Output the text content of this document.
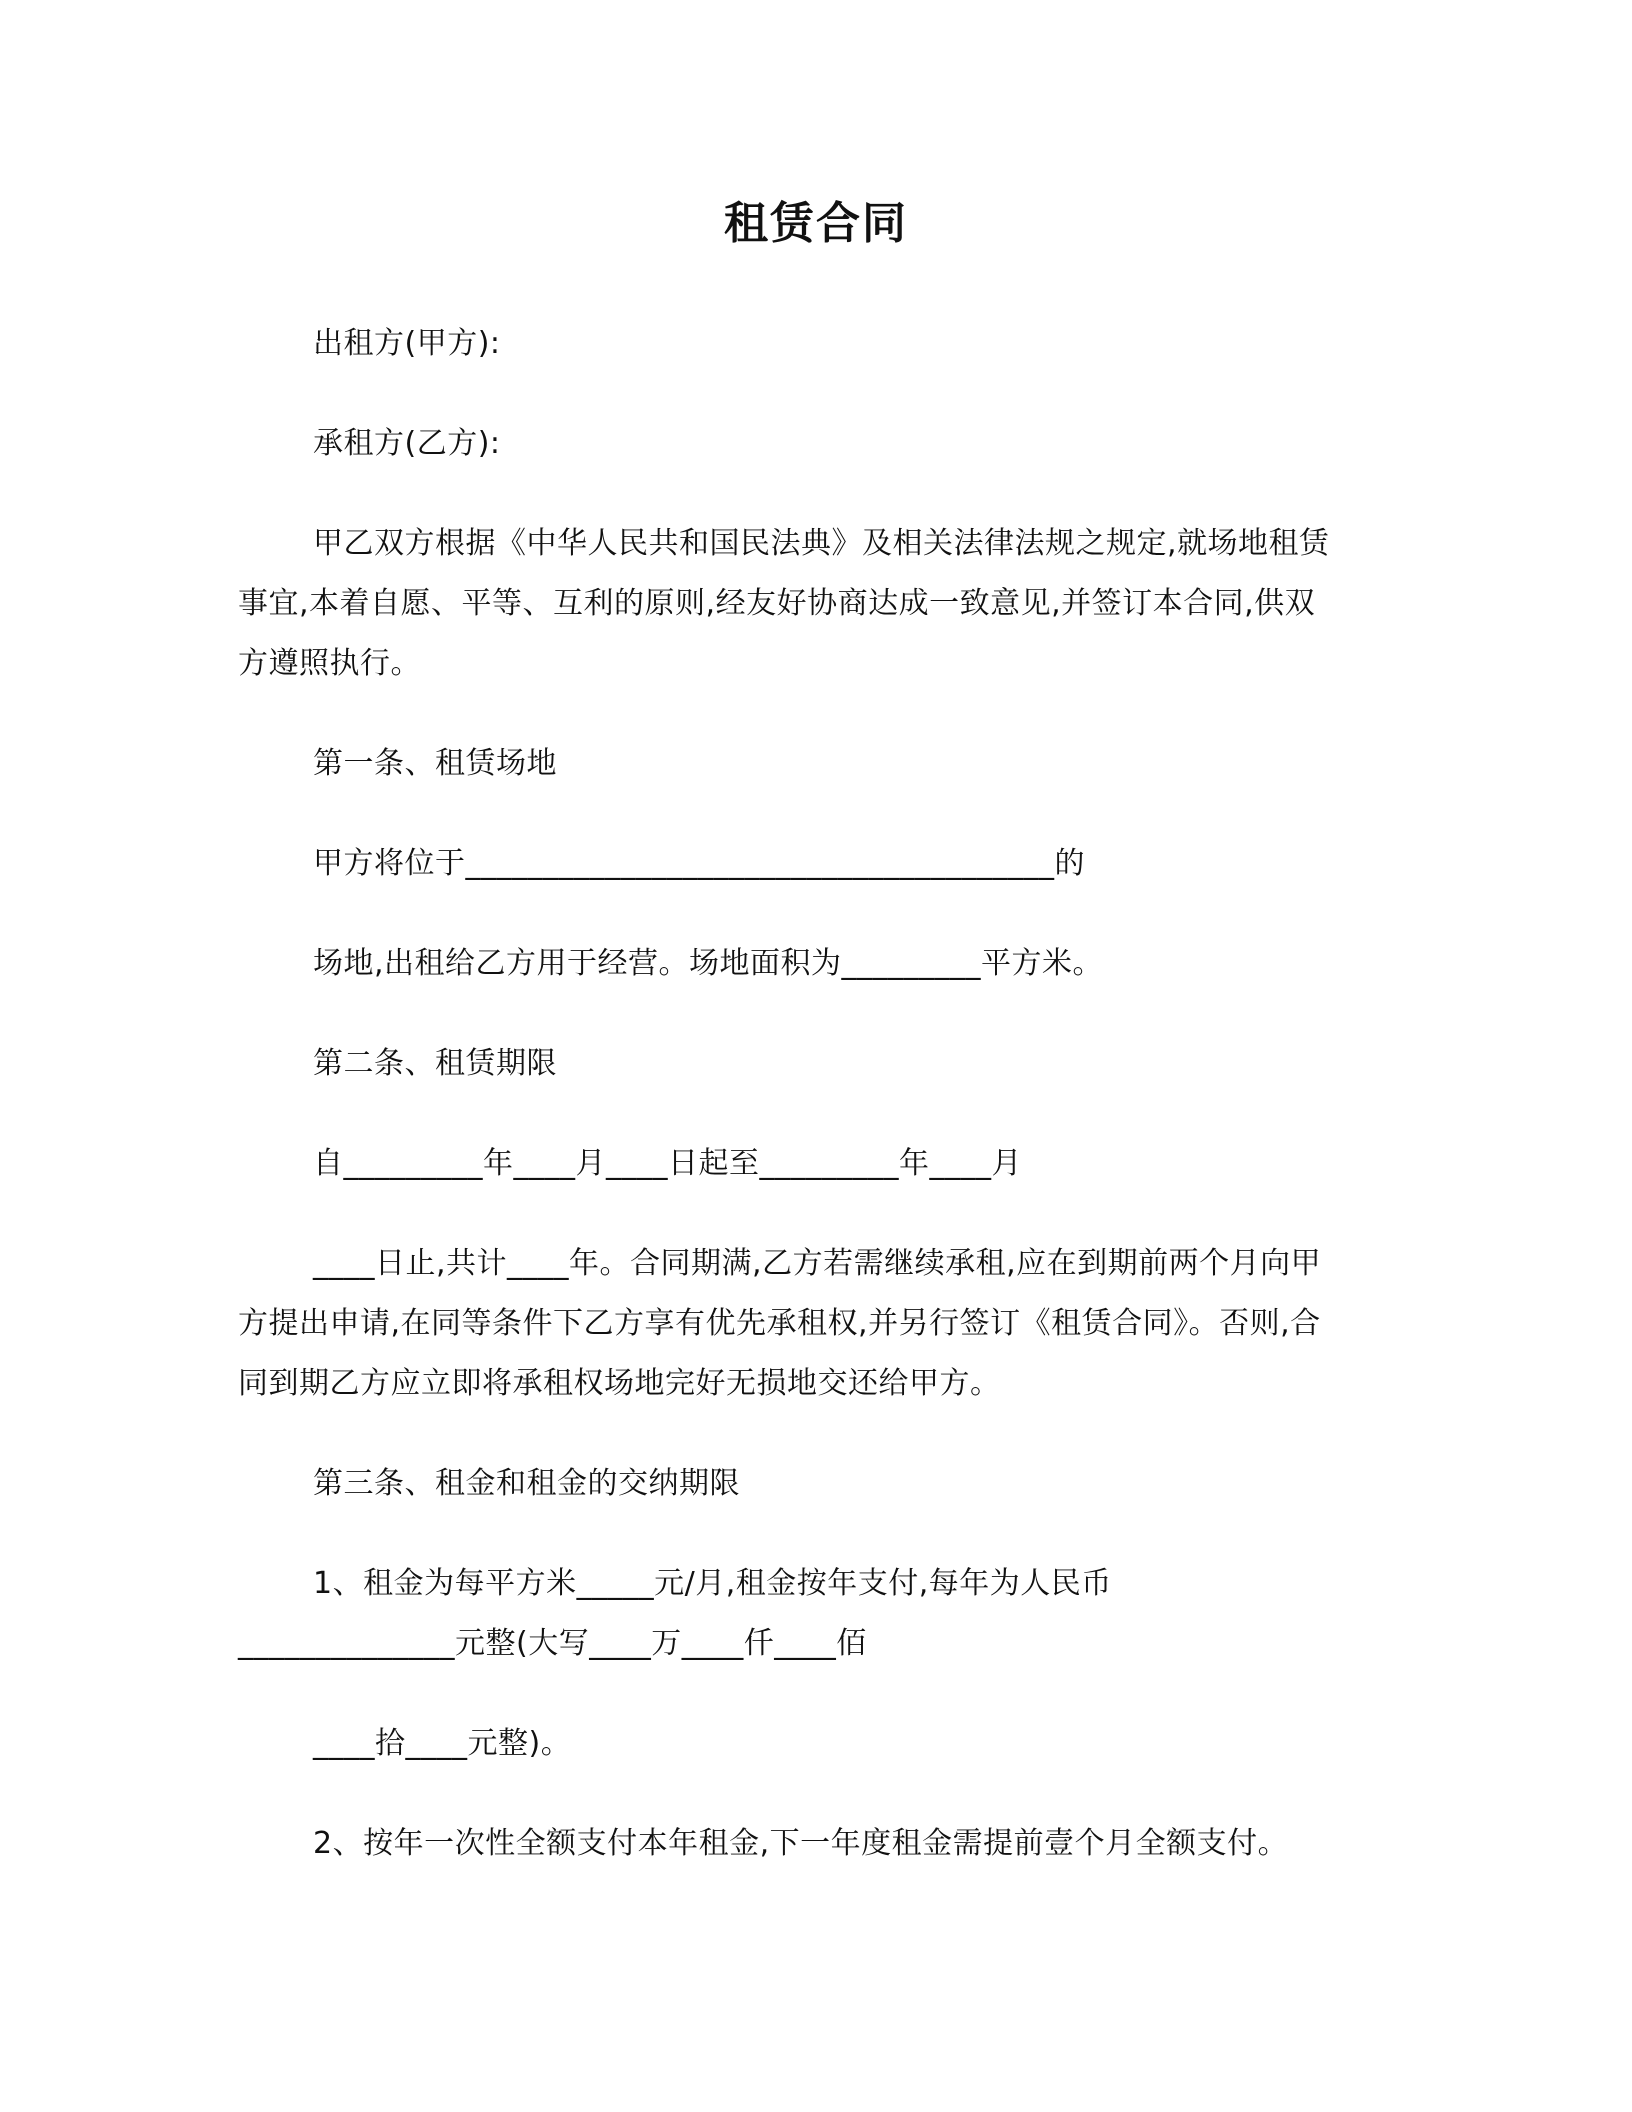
租赁合同
出租方(甲方):
承租方(乙方):
甲乙双方根据《中华人民共和国民法典》及相关法律法规之规定,就场地租赁
事宜,本着自愿、平等、互利的原则,经友好协商达成一致意见,并签订本合同,供双
方遵照执行。
第一条、租赁场地
甲方将位于______________________________________的
场地,出租给乙方用于经营。场地面积为_________平方米。
第二条、租赁期限
自_________年____月____日起至_________年____月
____日止,共计____年。合同期满,乙方若需继续承租,应在到期前两个月向甲
方提出申请,在同等条件下乙方享有优先承租权,并另行签订《租赁合同》。否则,合
同到期乙方应立即将承租权场地完好无损地交还给甲方。
第三条、租金和租金的交纳期限
1、租金为每平方米_____元/月,租金按年支付,每年为人民币
______________元整(大写____万____仟____佰
____拾____元整)。
2、按年一次性全额支付本年租金,下一年度租金需提前壹个月全额支付。
